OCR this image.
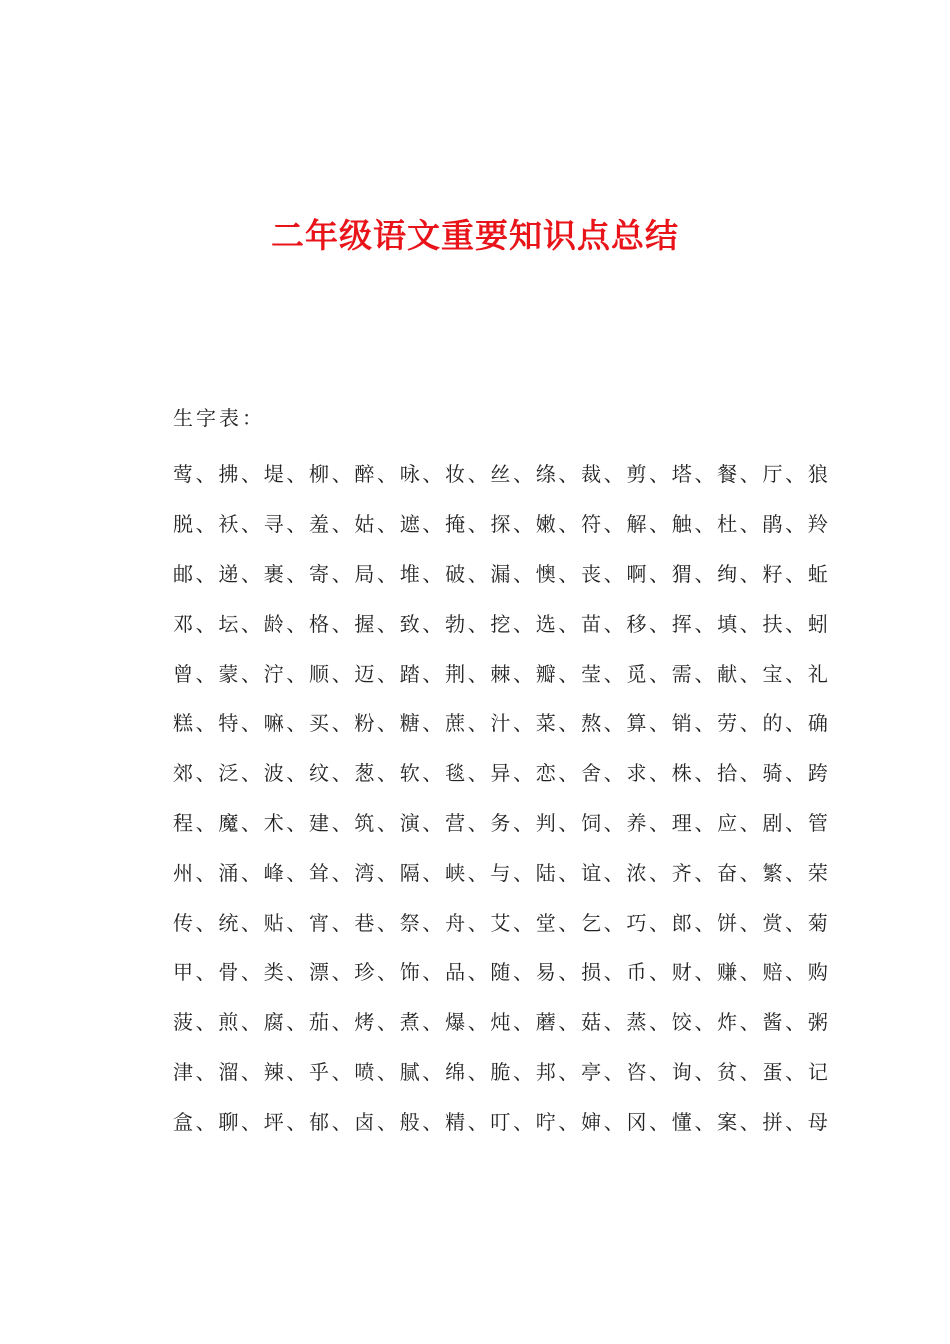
二年级语文重要知识点总结
生字表：
莺 、 拂 、 堤 、 柳 、 醉 、 咏 、 妆 、 丝 、 绦 、 裁 、 剪 、 塔 、 餐 、 厅 、 狼
脱 、 袄 、 寻 、 羞 、 姑 、 遮 、 掩 、 探 、 嫩 、 符 、 解 、 触 、 杜 、 鹃 、 羚
邮 、 递 、 裹 、 寄 、 局 、 堆 、 破 、 漏 、 懊 、 丧 、 啊 、 猬 、 绚 、 籽 、 蚯
邓 、 坛 、 龄 、 格 、 握 、 致 、 勃 、 挖 、 选 、 苗 、 移 、 挥 、 填 、 扶 、 蚓
曾 、 蒙 、 泞 、 顺 、 迈 、 踏 、 荆 、 棘 、 瓣 、 莹 、 觅 、 需 、 献 、 宝 、 礼
糕 、 特 、 嘛 、 买 、 粉 、 糖 、 蔗 、 汁 、 菜 、 熬 、 算 、 销 、 劳 、 的 、 确
郊 、 泛 、 波 、 纹 、 葱 、 软 、 毯 、 异 、 恋 、 舍 、 求 、 株 、 拾 、 骑 、 跨
程 、 魔 、 术 、 建 、 筑 、 演 、 营 、 务 、 判 、 饲 、 养 、 理 、 应 、 剧 、 管
州 、 涌 、 峰 、 耸 、 湾 、 隔 、 峡 、 与 、 陆 、 谊 、 浓 、 齐 、 奋 、 繁 、 荣
传 、 统 、 贴 、 宵 、 巷 、 祭 、 舟 、 艾 、 堂 、 乞 、 巧 、 郎 、 饼 、 赏 、 菊
甲 、 骨 、 类 、 漂 、 珍 、 饰 、 品 、 随 、 易 、 损 、 币 、 财 、 赚 、 赔 、 购
菠 、 煎 、 腐 、 茄 、 烤 、 煮 、 爆 、 炖 、 蘑 、 菇 、 蒸 、 饺 、 炸 、 酱 、 粥
津 、 溜 、 辣 、 乎 、 喷 、 腻 、 绵 、 脆 、 邦 、 亭 、 咨 、 询 、 贫 、 蛋 、 记
盒 、 聊 、 坪 、 郁 、 卤 、 般 、 精 、 叮 、 咛 、 婶 、 冈 、 懂 、 案 、 拼 、 母
